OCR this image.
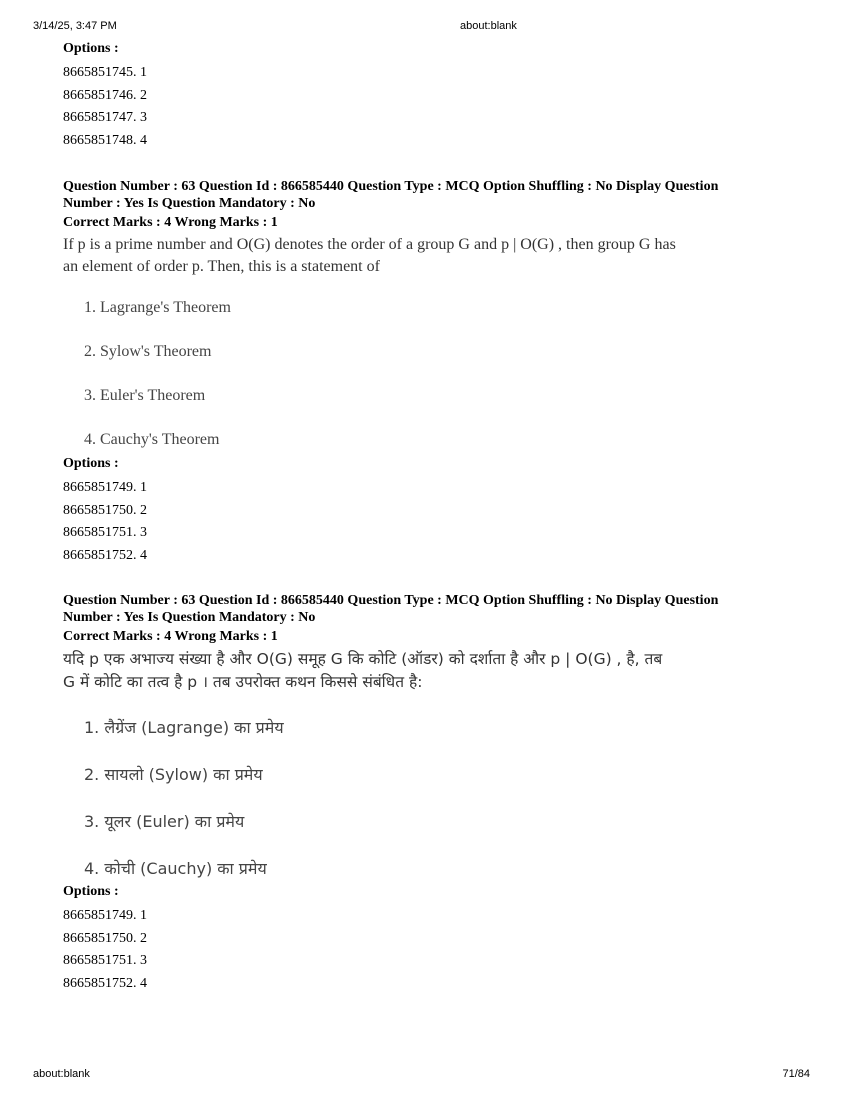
3/14/25, 3:47 PM	about:blank
Options :
8665851745. 1
8665851746. 2
8665851747. 3
8665851748. 4
Question Number : 63 Question Id : 866585440 Question Type : MCQ Option Shuffling : No Display Question
Number : Yes Is Question Mandatory : No
Correct Marks : 4 Wrong Marks : 1
If p is a prime number and O(G) denotes the order of a group G and p | O(G) , then group G has
an element of order p. Then, this is a statement of
1. Lagrange's Theorem
2. Sylow's Theorem
3. Euler's Theorem
4. Cauchy's Theorem
Options :
8665851749. 1
8665851750. 2
8665851751. 3
8665851752. 4
Question Number : 63 Question Id : 866585440 Question Type : MCQ Option Shuffling : No Display Question
Number : Yes Is Question Mandatory : No
Correct Marks : 4 Wrong Marks : 1
यदि p एक अभाज्य संख्या है और O(G) समूह G कि कोटि (ऑडर) को दर्शाता है और p | O(G) , है, तब
G में कोटि का तत्व है p । तब उपरोक्त कथन किससे संबंधित है:
1. लैग्रेंज (Lagrange) का प्रमेय
2. सायलो (Sylow) का प्रमेय
3. यूलर (Euler) का प्रमेय
4. कोची (Cauchy) का प्रमेय
Options :
8665851749. 1
8665851750. 2
8665851751. 3
8665851752. 4
about:blank	71/84
